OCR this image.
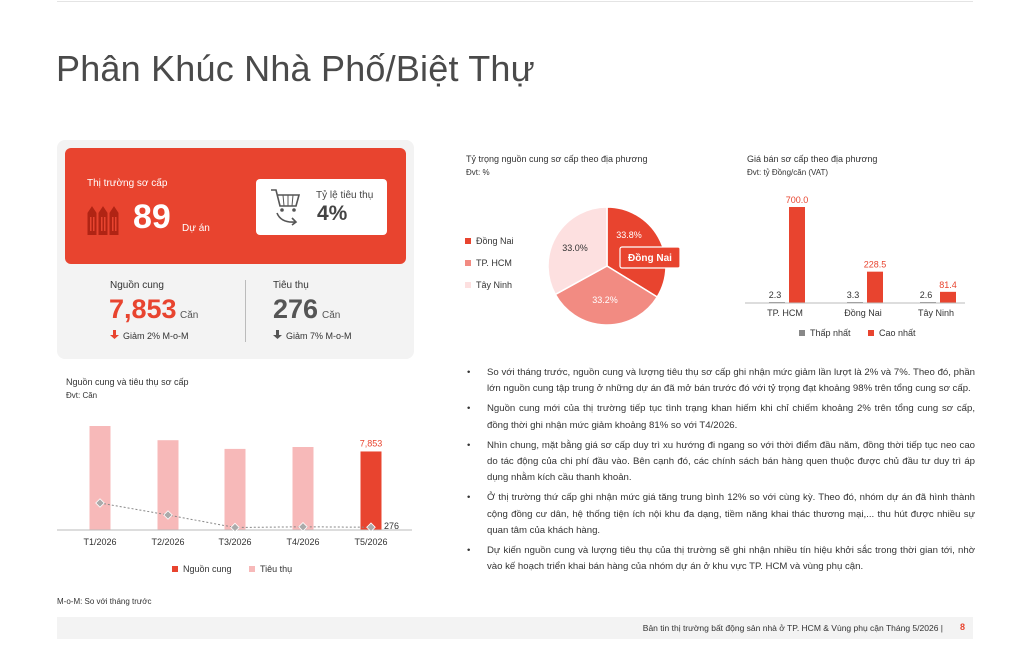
Phân Khúc Nhà Phố/Biệt Thự
Thị trường sơ cấp
89 Dự án
Tỷ lệ tiêu thụ
4%
Nguồn cung
7,853 Căn
Giảm 2% M-o-M
Tiêu thụ
276 Căn
Giảm 7% M-o-M
Nguồn cung và tiêu thụ sơ cấp
Đvt: Căn
7,853
276
T1/2026	T2/2026	T3/2026	T4/2026	T5/2026
Nguồn cung	Tiêu thụ
Tỷ trọng nguồn cung sơ cấp theo địa phương
Đvt: %
33.8%
33.2%
33.0%
Đồng Nai
Đồng Nai
TP. HCM
Tây Ninh
Giá bán sơ cấp theo địa phương
Đvt: tỷ Đồng/căn (VAT)
2.3
700.0
TP. HCM
3.3
228.5
Đồng Nai
2.6
81.4
Tây Ninh
Thấp nhất	Cao nhất
• So với tháng trước, nguồn cung và lượng tiêu thụ sơ cấp ghi nhận mức giảm lần lượt là 2% và 7%. Theo đó, phần lớn nguồn cung tập trung ở những dự án đã mở bán trước đó với tỷ trọng đạt khoảng 98% trên tổng cung sơ cấp.
• Nguồn cung mới của thị trường tiếp tục tình trạng khan hiếm khi chỉ chiếm khoảng 2% trên tổng cung sơ cấp, đồng thời ghi nhận mức giảm khoảng 81% so với T4/2026.
• Nhìn chung, mặt bằng giá sơ cấp duy trì xu hướng đi ngang so với thời điểm đầu năm, đồng thời tiếp tục neo cao do tác động của chi phí đầu vào. Bên cạnh đó, các chính sách bán hàng quen thuộc được chủ đầu tư duy trì áp dụng nhằm kích cầu thanh khoản.
• Ở thị trường thứ cấp ghi nhận mức giá tăng trung bình 12% so với cùng kỳ. Theo đó, nhóm dự án đã hình thành cộng đồng cư dân, hệ thống tiện ích nội khu đa dạng, tiềm năng khai thác thương mại,... thu hút được nhiều sự quan tâm của khách hàng.
• Dự kiến nguồn cung và lượng tiêu thụ của thị trường sẽ ghi nhận nhiều tín hiệu khởi sắc trong thời gian tới, nhờ vào kế hoạch triển khai bán hàng của nhóm dự án ở khu vực TP. HCM và vùng phụ cận.
M-o-M: So với tháng trước
Bản tin thị trường bất động sản nhà ở TP. HCM & Vùng phụ cận Tháng 5/2026 | 8
